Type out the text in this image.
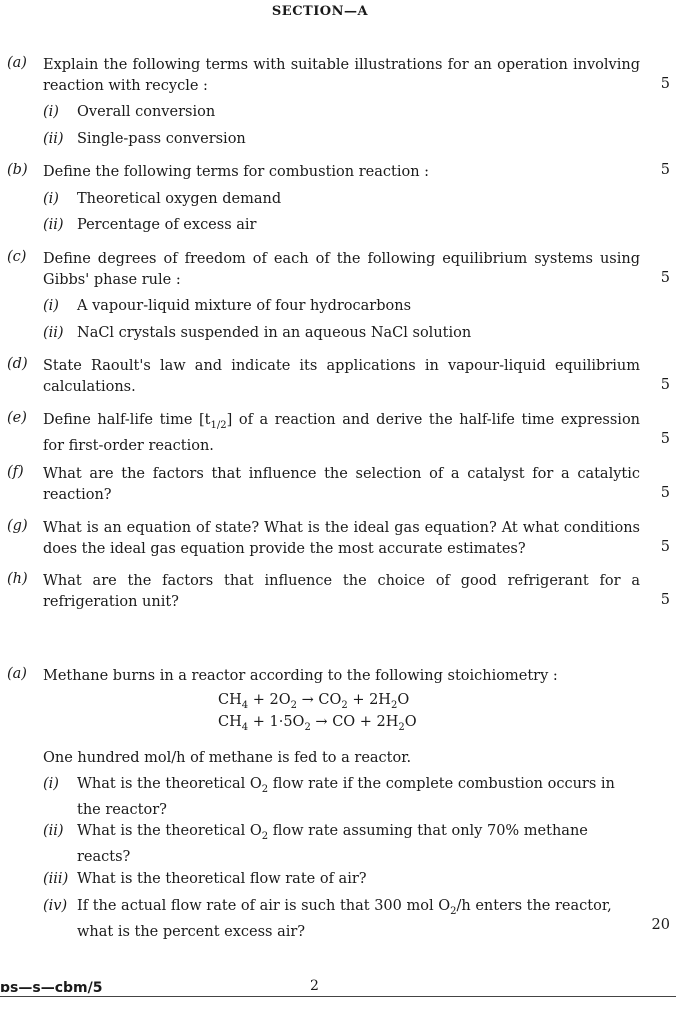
SECTION—A
(a) Explain the following terms with suitable illustrations for an operation involving reaction with recycle :	5
(i) Overall conversion
(ii) Single-pass conversion
(b) Define the following terms for combustion reaction :	5
(i) Theoretical oxygen demand
(ii) Percentage of excess air
(c) Define degrees of freedom of each of the following equilibrium systems using Gibbs' phase rule :	5
(i) A vapour-liquid mixture of four hydrocarbons
(ii) NaCl crystals suspended in an aqueous NaCl solution
(d) State Raoult's law and indicate its applications in vapour-liquid equilibrium calculations.	5
(e) Define half-life time $[t_{1/2}]$ of a reaction and derive the half-life time expression for first-order reaction.	5
(f) What are the factors that influence the selection of a catalyst for a catalytic reaction?	5
(g) What is an equation of state? What is the ideal gas equation? At what conditions does the ideal gas equation provide the most accurate estimates?	5
(h) What are the factors that influence the choice of good refrigerant for a refrigeration unit?	5
(a) Methane burns in a reactor according to the following stoichiometry :
$CH_4 + 2O_2 \to CO_2 + 2H_2O$
$CH_4 + 1\cdot 5O_2$ → CO + $2H_2O$
One hundred mol/h of methane is fed to a reactor.
(i) What is the theoretical $O_2$ flow rate if the complete combustion occurs in the reactor?
(ii) What is the theoretical $O_2$ flow rate assuming that only 70% methane reacts?
(iii) What is the theoretical flow rate of air?
(iv) If the actual flow rate of air is such that 300 mol $O_2/h$ enters the reactor, what is the percent excess air?	20
ɒs—s—cbm/5	2
